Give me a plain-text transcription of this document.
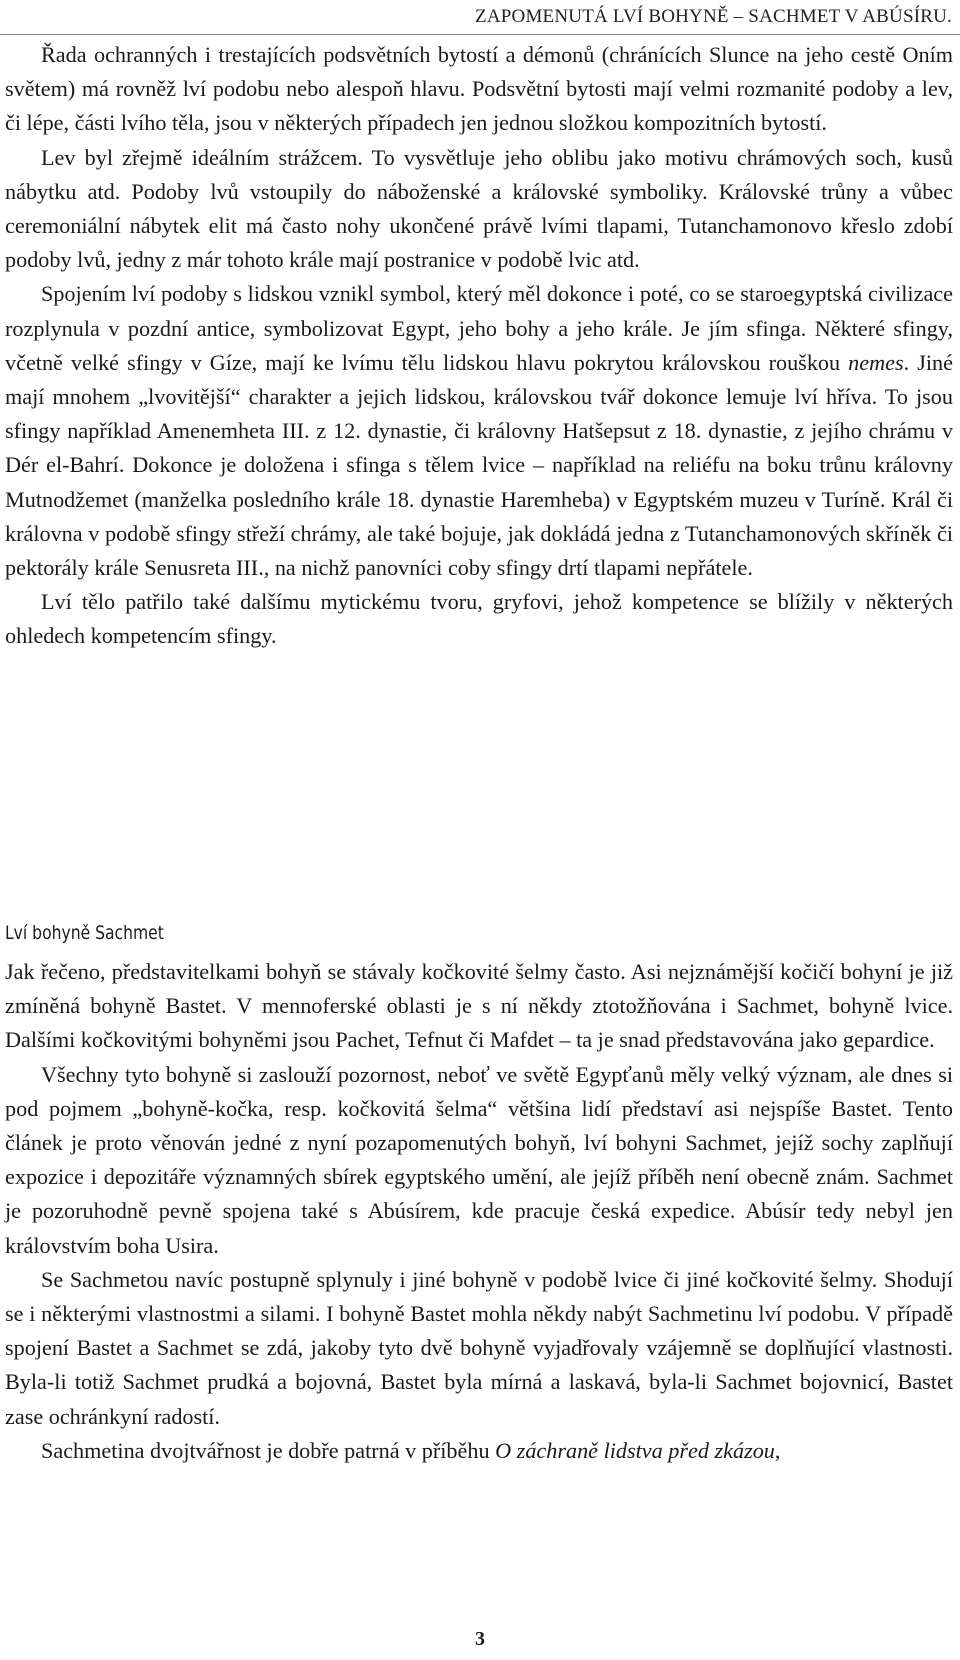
ZAPOMENUTÁ LVÍ BOHYNĚ – SACHMET V ABÚSÍRU.

Řada ochranných i trestajících podsvětních bytostí a démonů (chránících Slunce na jeho cestě Oním světem) má rovněž lví podobu nebo alespoň hlavu. Podsvětní bytosti mají velmi rozmanité podoby a lev, či lépe, části lvího těla, jsou v některých případech jen jednou složkou kompozitních bytostí.

Lev byl zřejmě ideálním strážcem. To vysvětluje jeho oblibu jako motivu chrámových soch, kusů nábytku atd. Podoby lvů vstoupily do náboženské a královské symboliky. Královské trůny a vůbec ceremoniální nábytek elit má často nohy ukončené právě lvími tlapami, Tutanchamonovo křeslo zdobí podoby lvů, jedny z már tohoto krále mají postranice v podobě lvic atd.

Spojením lví podoby s lidskou vznikl symbol, který měl dokonce i poté, co se staroegyptská civilizace rozplynula v pozdní antice, symbolizovat Egypt, jeho bohy a jeho krále. Je jím sfinga. Některé sfingy, včetně velké sfingy v Gíze, mají ke lvímu tělu lidskou hlavu pokrytou královskou rouškou nemes. Jiné mají mnohem „lvovitější“ charakter a jejich lidskou, královskou tvář dokonce lemuje lví hříva. To jsou sfingy například Amenemheta III. z 12. dynastie, či královny Hatšepsut z 18. dynastie, z jejího chrámu v Dér el-Bahrí. Dokonce je doložena i sfinga s tělem lvice – například na reliéfu na boku trůnu královny Mutnodžemet (manželka posledního krále 18. dynastie Haremheba) v Egyptském muzeu v Turíně. Král či královna v podobě sfingy střeží chrámy, ale také bojuje, jak dokládá jedna z Tutanchamonových skříněk či pektorály krále Senusreta III., na nichž panovníci coby sfingy drtí tlapami nepřátele.

Lví tělo patřilo také dalšímu mytickému tvoru, gryfovi, jehož kompetence se blížily v některých ohledech kompetencím sfingy.

Lví bohyně Sachmet

Jak řečeno, představitelkami bohyň se stávaly kočkovité šelmy často. Asi nejznámější kočičí bohyní je již zmíněná bohyně Bastet. V mennoferské oblasti je s ní někdy ztotožňována i Sachmet, bohyně lvice. Dalšími kočkovitými bohyněmi jsou Pachet, Tefnut či Mafdet – ta je snad představována jako gepardice.

Všechny tyto bohyně si zaslouží pozornost, neboť ve světě Egypťanů měly velký význam, ale dnes si pod pojmem „bohyně-kočka, resp. kočkovitá šelma“ většina lidí představí asi nejspíše Bastet. Tento článek je proto věnován jedné z nyní pozapomenutých bohyň, lví bohyni Sachmet, jejíž sochy zaplňují expozice i depozitáře významných sbírek egyptského umění, ale jejíž příběh není obecně znám. Sachmet je pozoruhodně pevně spojena také s Abúsírem, kde pracuje česká expedice. Abúsír tedy nebyl jen královstvím boha Usira.

Se Sachmetou navíc postupně splynuly i jiné bohyně v podobě lvice či jiné kočkovité šelmy. Shodují se i některými vlastnostmi a silami. I bohyně Bastet mohla někdy nabýt Sachmetinu lví podobu. V případě spojení Bastet a Sachmet se zdá, jakoby tyto dvě bohyně vyjadřovaly vzájemně se doplňující vlastnosti. Byla-li totiž Sachmet prudká a bojovná, Bastet byla mírná a laskavá, byla-li Sachmet bojovnicí, Bastet zase ochránkyní radostí.

Sachmetina dvojtvářnost je dobře patrná v příběhu O záchraně lidstva před zkázou,

3
